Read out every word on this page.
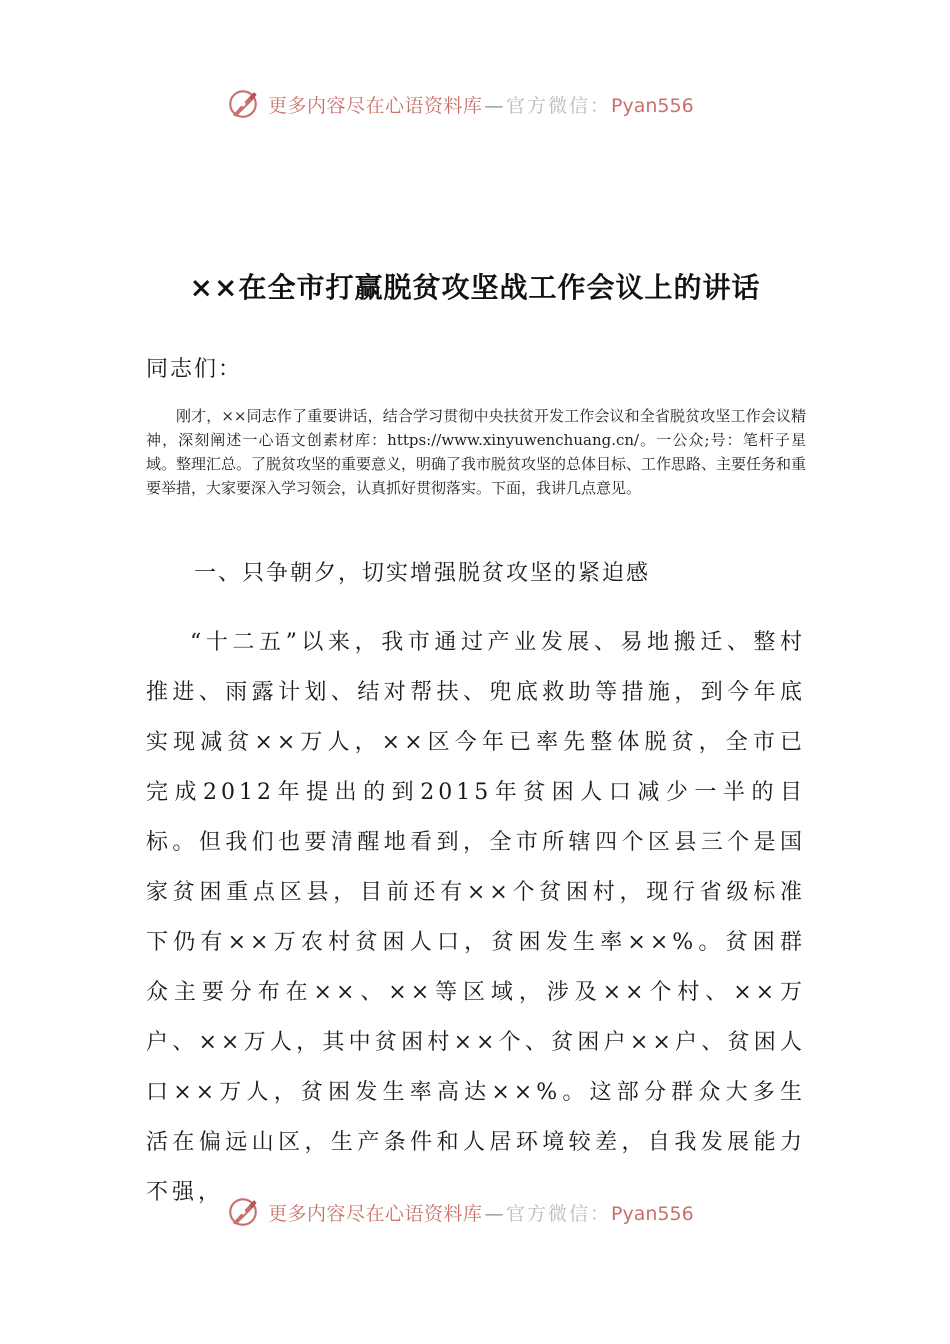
更多内容尽在心语资料库 — 官方微信：Pyan556
××在全市打赢脱贫攻坚战工作会议上的讲话
同志们：

刚才，××同志作了重要讲话，结合学习贯彻中央扶贫开发工作会议和全省脱贫攻坚工作会议精神，深刻阐述一心语文创素材库：https://www.xinyuwenchuang.cn/。一公众;号：笔杆子星域。整理汇总。了脱贫攻坚的重要意义，明确了我市脱贫攻坚的总体目标、工作思路、主要任务和重要举措，大家要深入学习领会，认真抓好贯彻落实。下面，我讲几点意见。

一、只争朝夕，切实增强脱贫攻坚的紧迫感

“十二五”以来，我市通过产业发展、易地搬迁、整村推进、雨露计划、结对帮扶、兜底救助等措施，到今年底实现减贫××万人，××区今年已率先整体脱贫，全市已完成2012年提出的到2015年贫困人口减少一半的目标。但我们也要清醒地看到，全市所辖四个区县三个是国家贫困重点区县，目前还有××个贫困村，现行省级标准下仍有××万农村贫困人口，贫困发生率××%。贫困群众主要分布在××、××等区域，涉及××个村、××万户、××万人，其中贫困村××个、贫困户××户、贫困人口××万人，贫困发生率高达××%。这部分群众大多生活在偏远山区，生产条件和人居环境较差，自我发展能力不强，

更多内容尽在心语资料库 — 官方微信：Pyan556
